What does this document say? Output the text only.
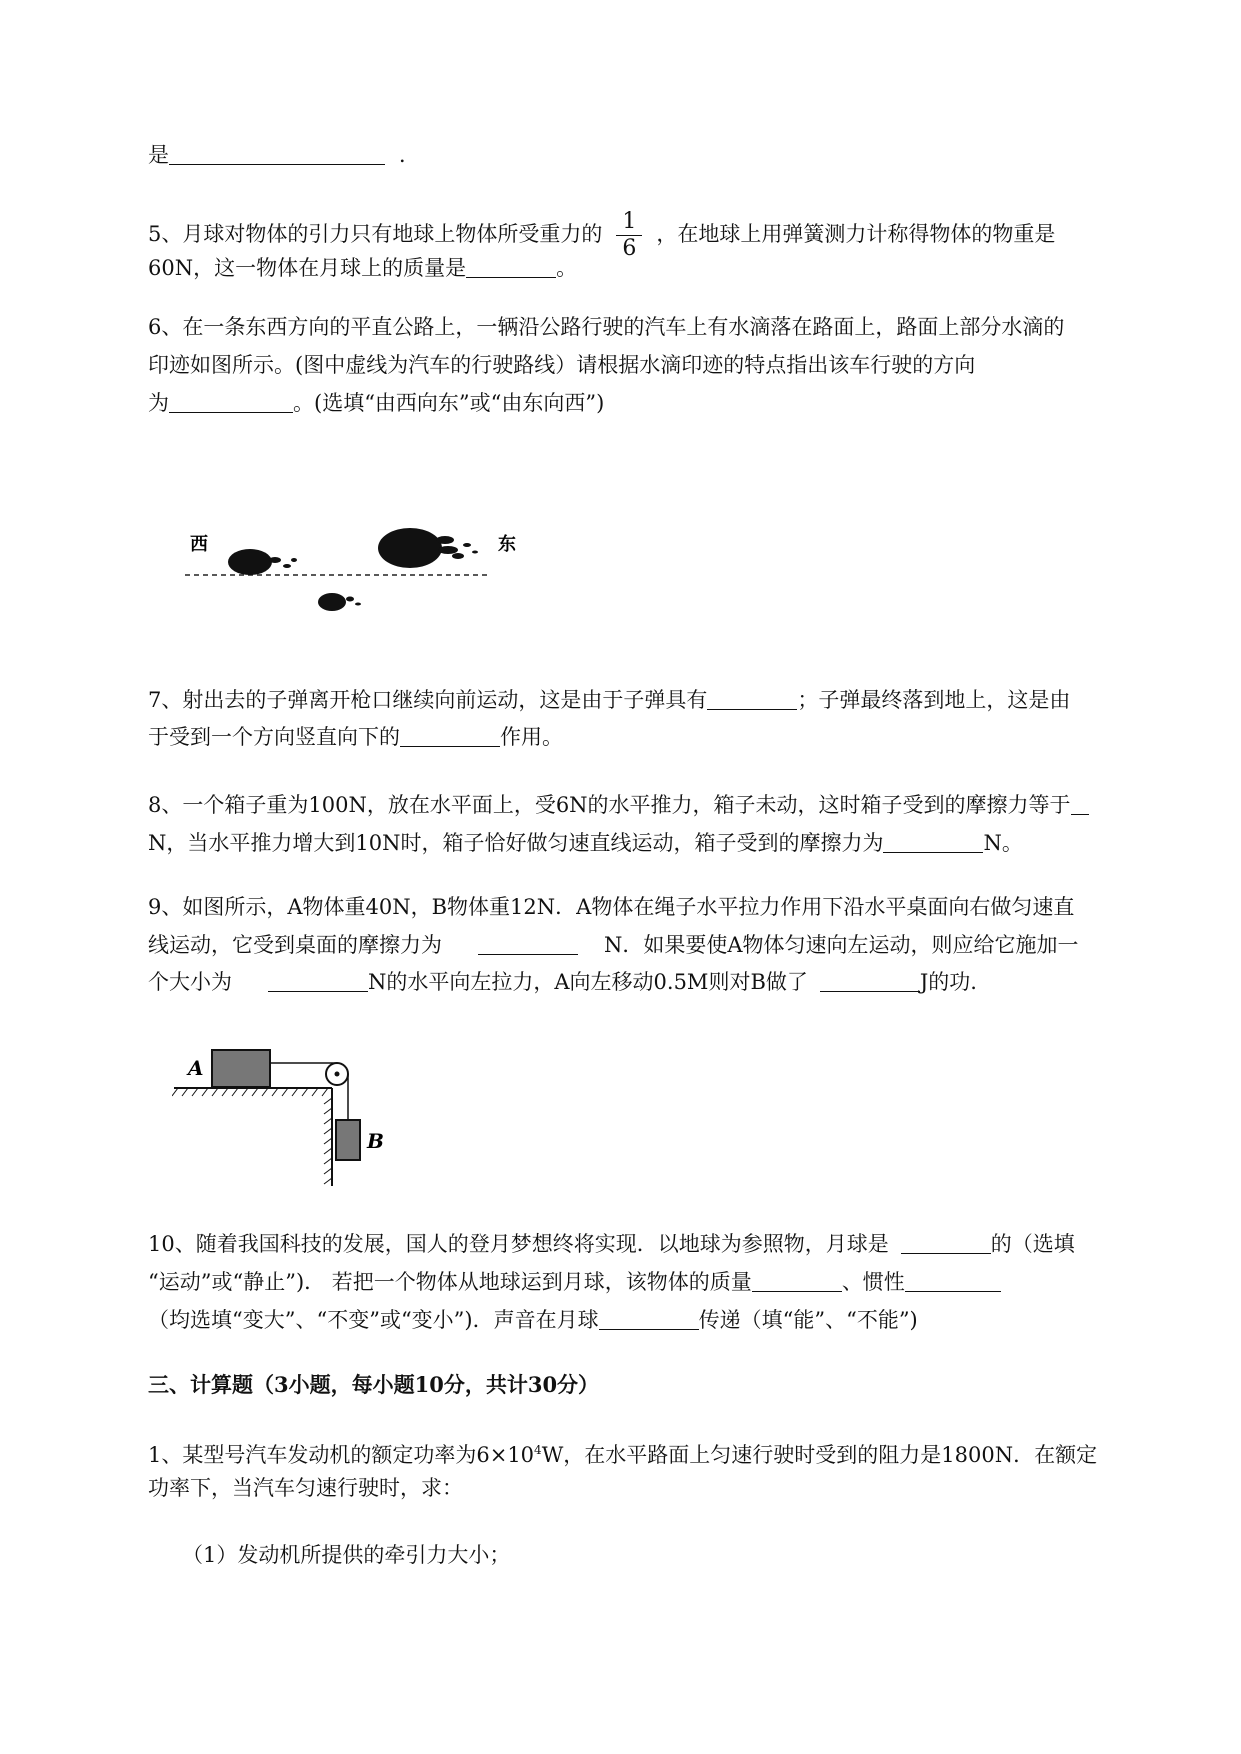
是	．
5、月球对物体的引力只有地球上物体所受重力的 $\frac{1}{6}$ ，在地球上用弹簧测力计称得物体的物重是
60N，这一物体在月球上的质量是	。
6、在一条东西方向的平直公路上，一辆沿公路行驶的汽车上有水滴落在路面上，路面上部分水滴的
印迹如图所示。(图中虚线为汽车的行驶路线）请根据水滴印迹的特点指出该车行驶的方向
为	。(选填“由西向东”或“由东向西”)
西	东
7、射出去的子弹离开枪口继续向前运动，这是由于子弹具有	；子弹最终落到地上，这是由
于受到一个方向竖直向下的	作用。
8、一个箱子重为100N，放在水平面上，受6N的水平推力，箱子未动，这时箱子受到的摩擦力等于
N，当水平推力增大到10N时，箱子恰好做匀速直线运动，箱子受到的摩擦力为	N。
9、如图所示，A物体重40N，B物体重12N．A物体在绳子水平拉力作用下沿水平桌面向右做匀速直
线运动，它受到桌面的摩擦力为	N．如果要使A物体匀速向左运动，则应给它施加一
个大小为	N的水平向左拉力，A向左移动0.5M则对B做了	J的功.
A
B
10、随着我国科技的发展，国人的登月梦想终将实现．以地球为参照物，月球是	的（选填
“运动”或“静止”)． 若把一个物体从地球运到月球，该物体的质量	、惯性
（均选填“变大”、“不变”或“变小”)．声音在月球	传递（填“能”、“不能”)
三、计算题（3小题，每小题10分，共计30分）
1、某型号汽车发动机的额定功率为$6\times 10^4W$，在水平路面上匀速行驶时受到的阻力是1800N．在额定
功率下，当汽车匀速行驶时，求：
（1）发动机所提供的牵引力大小；
